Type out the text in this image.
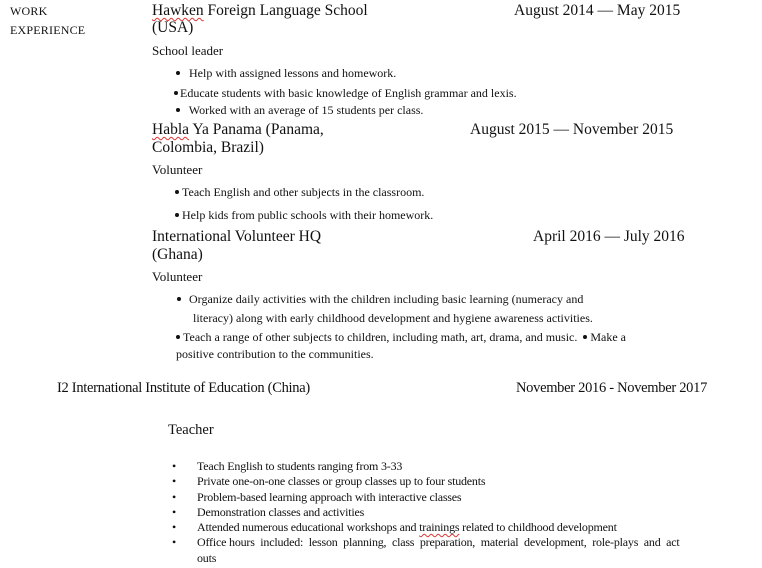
WORK
EXPERIENCE
Hawken Foreign Language School
(USA)
August 2014 — May 2015
School leader
Help with assigned lessons and homework.
Educate students with basic knowledge of English grammar and lexis.
Worked with an average of 15 students per class.
Habla Ya Panama (Panama,
Colombia, Brazil)
August 2015 — November 2015
Volunteer
Teach English and other subjects in the classroom.
Help kids from public schools with their homework.
International Volunteer HQ
(Ghana)
April 2016 — July 2016
Volunteer
Organize daily activities with the children including basic learning (numeracy and
literacy) along with early childhood development and hygiene awareness activities.
Teach a range of other subjects to children, including math, art, drama, and music. Make a
positive contribution to the communities.
I2 International Institute of Education (China)	November 2016 - November 2017
Teacher
• Teach English to students ranging from 3-33
• Private one-on-one classes or group classes up to four students
• Problem-based learning approach with interactive classes
• Demonstration classes and activities
• Attended numerous educational workshops and trainings related to childhood development
• Office hours  included:  lesson  planning,  class  preparation,  material  development,  role-plays  and  act
outs
